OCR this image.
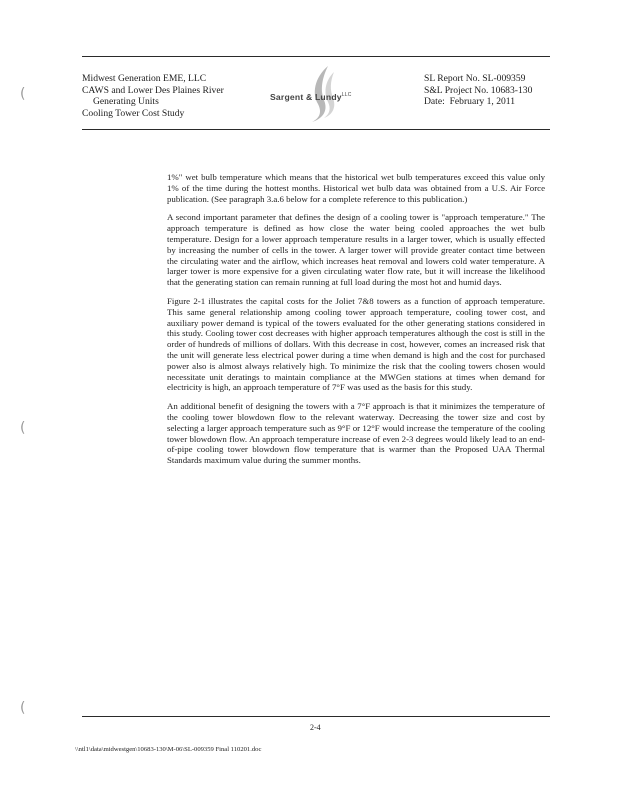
Midwest Generation EME, LLC
CAWS and Lower Des Plaines River
Generating Units
Cooling Tower Cost Study
Sargent & Lundy$^{LLC}$
SL Report No. SL-009359
S&L Project No. 10683-130
Date:  February 1, 2011
(
(
(

1%" wet bulb temperature which means that the historical wet bulb temperatures exceed this value only 1% of the time during the hottest months. Historical wet bulb data was obtained from a U.S. Air Force publication. (See paragraph 3.a.6 below for a complete reference to this publication.)

A second important parameter that defines the design of a cooling tower is "approach temperature." The approach temperature is defined as how close the water being cooled approaches the wet bulb temperature. Design for a lower approach temperature results in a larger tower, which is usually effected by increasing the number of cells in the tower. A larger tower will provide greater contact time between the circulating water and the airflow, which increases heat removal and lowers cold water temperature. A larger tower is more expensive for a given circulating water flow rate, but it will increase the likelihood that the generating station can remain running at full load during the most hot and humid days.

Figure 2-1 illustrates the capital costs for the Joliet 7&8 towers as a function of approach temperature. This same general relationship among cooling tower approach temperature, cooling tower cost, and auxiliary power demand is typical of the towers evaluated for the other generating stations considered in this study. Cooling tower cost decreases with higher approach temperatures although the cost is still in the order of hundreds of millions of dollars. With this decrease in cost, however, comes an increased risk that the unit will generate less electrical power during a time when demand is high and the cost for purchased power also is almost always relatively high. To minimize the risk that the cooling towers chosen would necessitate unit deratings to maintain compliance at the MWGen stations at times when demand for electricity is high, an approach temperature of 7°F was used as the basis for this study.

An additional benefit of designing the towers with a 7°F approach is that it minimizes the temperature of the cooling tower blowdown flow to the relevant waterway. Decreasing the tower size and cost by selecting a larger approach temperature such as 9°F or 12°F would increase the temperature of the cooling tower blowdown flow. An approach temperature increase of even 2-3 degrees would likely lead to an end-of-pipe cooling tower blowdown flow temperature that is warmer than the Proposed UAA Thermal Standards maximum value during the summer months.

2-4
\\ntl1\data\midwestgen\10683-130\M-06\SL-009359 Final 110201.doc
